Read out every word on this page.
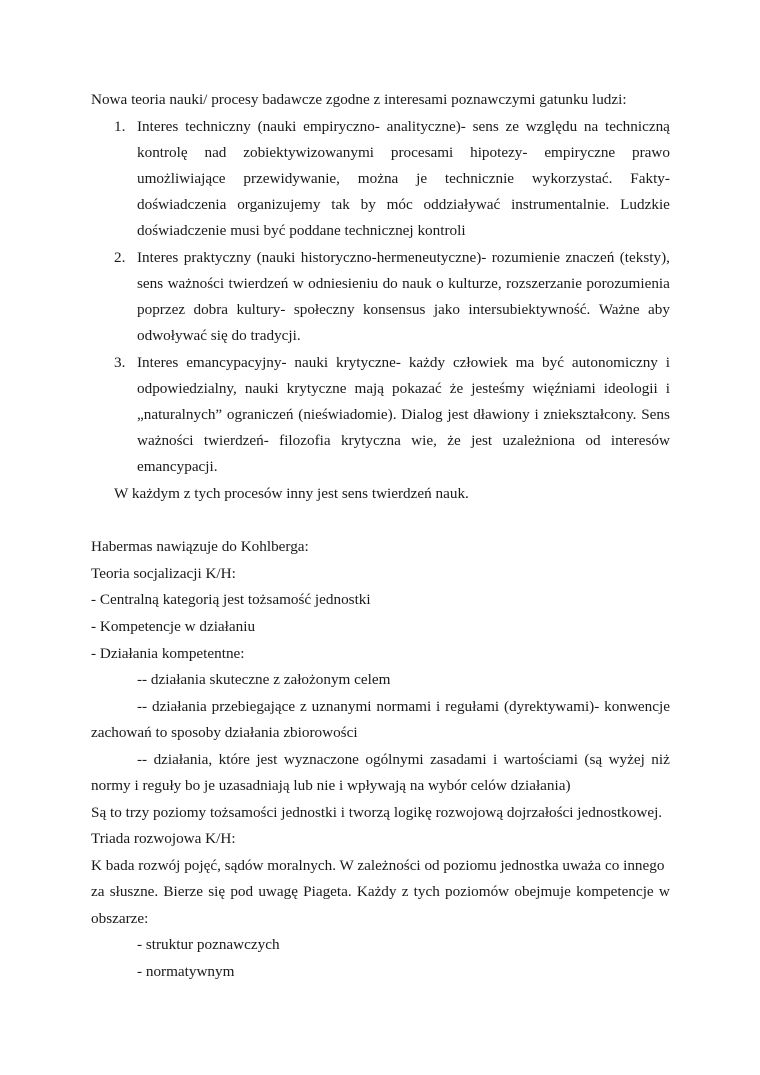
Nowa teoria nauki/ procesy badawcze zgodne z interesami poznawczymi gatunku ludzi:
1. Interes techniczny (nauki empiryczno- analityczne)- sens ze względu na techniczną
kontrolę nad zobiektywizowanymi procesami hipotezy- empiryczne prawo
umożliwiające przewidywanie, można je technicznie wykorzystać. Fakty-
doświadczenia organizujemy tak by móc oddziaływać instrumentalnie. Ludzkie
doświadczenie musi być poddane technicznej kontroli
2. Interes praktyczny (nauki historyczno-hermeneutyczne)- rozumienie znaczeń (teksty),
sens ważności twierdzeń w odniesieniu do nauk o kulturze, rozszerzanie porozumienia
poprzez dobra kultury- społeczny konsensus jako intersubiektywność. Ważne aby
odwoływać się do tradycji.
3. Interes emancypacyjny- nauki krytyczne- każdy człowiek ma być autonomiczny i
odpowiedzialny, nauki krytyczne mają pokazać że jesteśmy więźniami ideologii i
„naturalnych” ograniczeń (nieświadomie). Dialog jest dławiony i zniekształcony. Sens
ważności twierdzeń- filozofia krytyczna wie, że jest uzależniona od interesów
emancypacji.
W każdym z tych procesów inny jest sens twierdzeń nauk.
Habermas nawiązuje do Kohlberga:
Teoria socjalizacji K/H:
- Centralną kategorią jest tożsamość jednostki
- Kompetencje w działaniu
- Działania kompetentne:
-- działania skuteczne z założonym celem
-- działania przebiegające z uznanymi normami i regułami (dyrektywami)- konwencje
zachowań to sposoby działania zbiorowości
-- działania, które jest wyznaczone ogólnymi zasadami i wartościami (są wyżej niż
normy i reguły bo je uzasadniają lub nie i wpływają na wybór celów działania)
Są to trzy poziomy tożsamości jednostki i tworzą logikę rozwojową dojrzałości jednostkowej.
Triada rozwojowa K/H:
K bada rozwój pojęć, sądów moralnych. W zależności od poziomu jednostka uważa co innego
za słuszne. Bierze się pod uwagę Piageta. Każdy z tych poziomów obejmuje kompetencje w
obszarze:
- struktur poznawczych
- normatywnym
